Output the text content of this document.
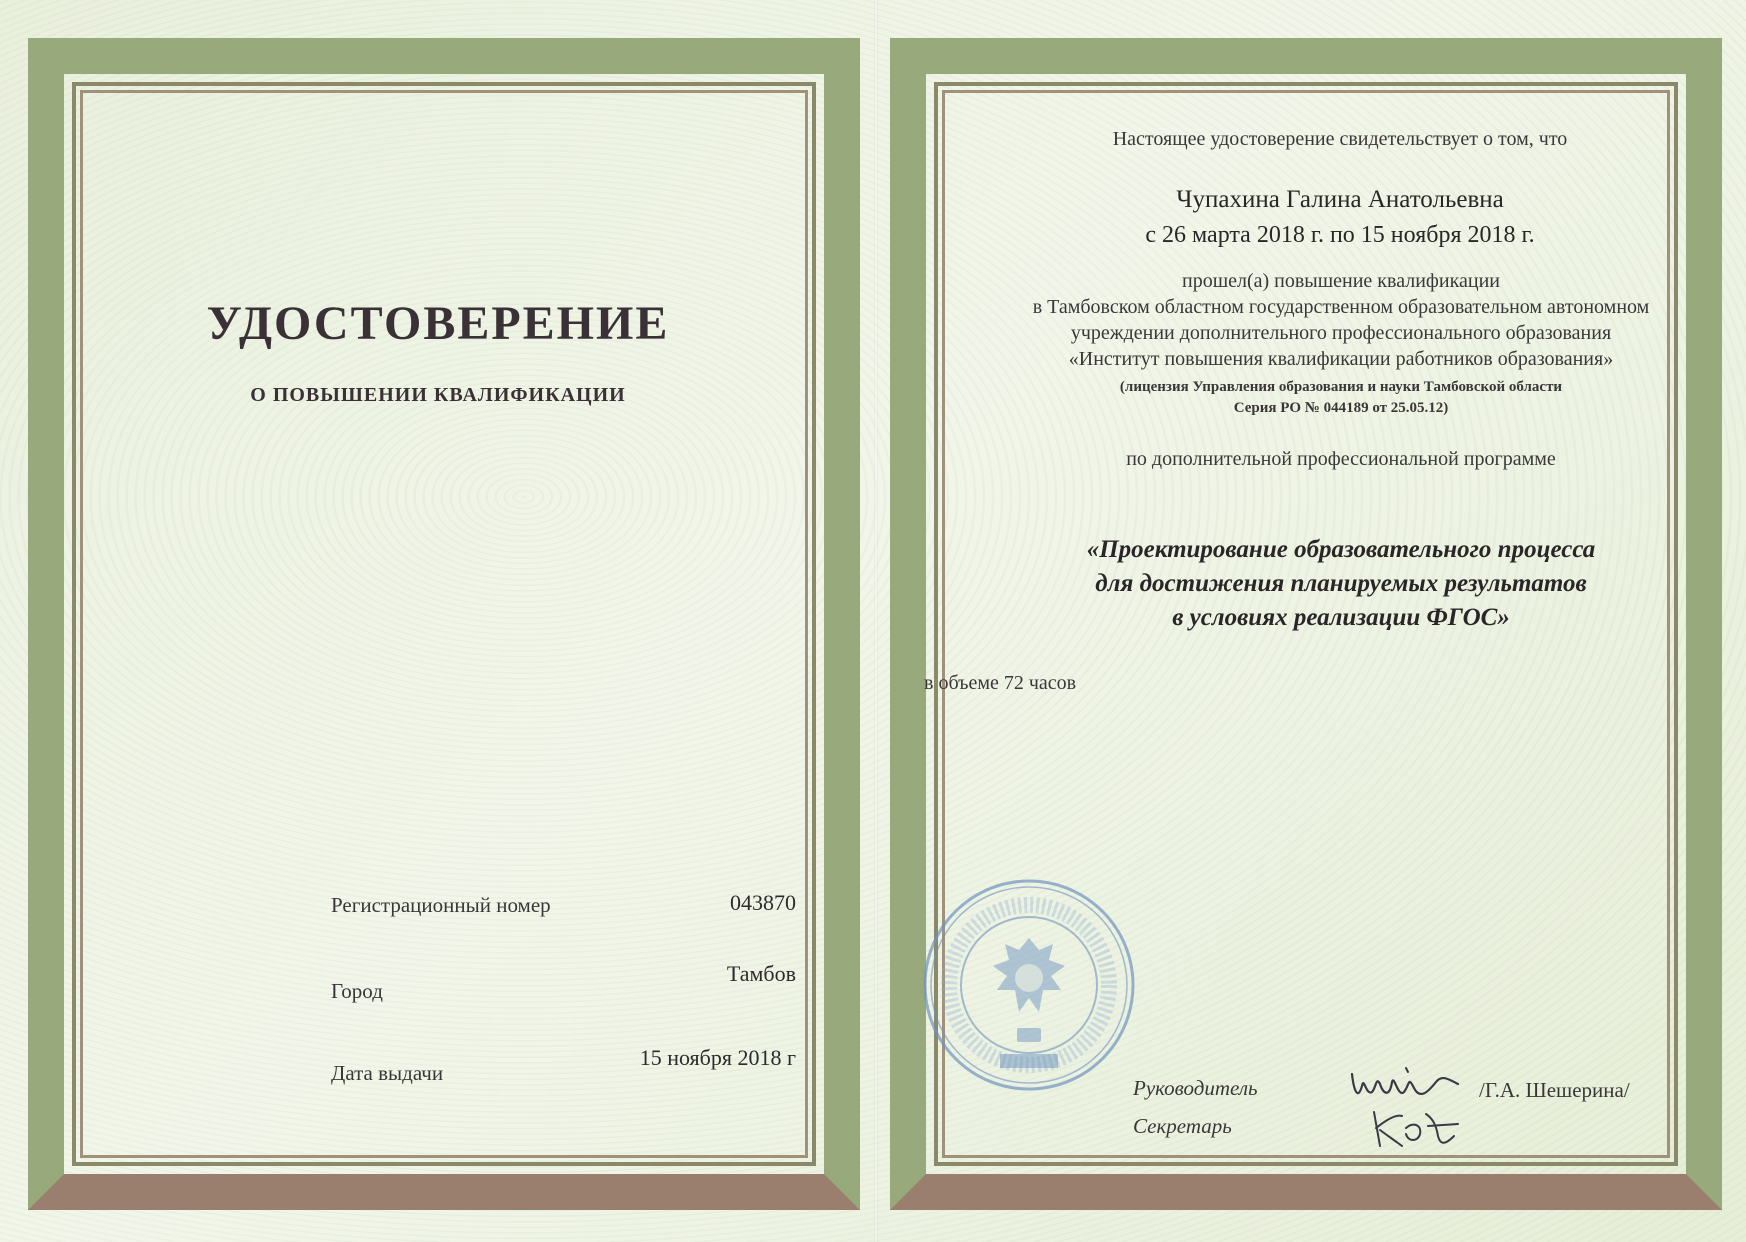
УДОСТОВЕРЕНИЕ
О ПОВЫШЕНИИ КВАЛИФИКАЦИИ
Регистрационный номер	043870
Город
Тамбов
Дата выдачи
15 ноября 2018 г
Настоящее удостоверение свидетельствует о том, что
Чупахина Галина Анатольевна
с 26 марта 2018 г. по 15 ноября 2018 г.
прошел(а) повышение квалификации
в Тамбовском областном государственном образовательном автономном
учреждении дополнительного профессионального образования
«Институт повышения квалификации работников образования»
(лицензия Управления образования и науки Тамбовской области
Серия РО № 044189 от 25.05.12)
по дополнительной профессиональной программе
«Проектирование образовательного процесса
для достижения планируемых результатов
в условиях реализации ФГОС»
в объеме 72 часов
Руководитель
Секретарь
/Г.А. Шешерина/
